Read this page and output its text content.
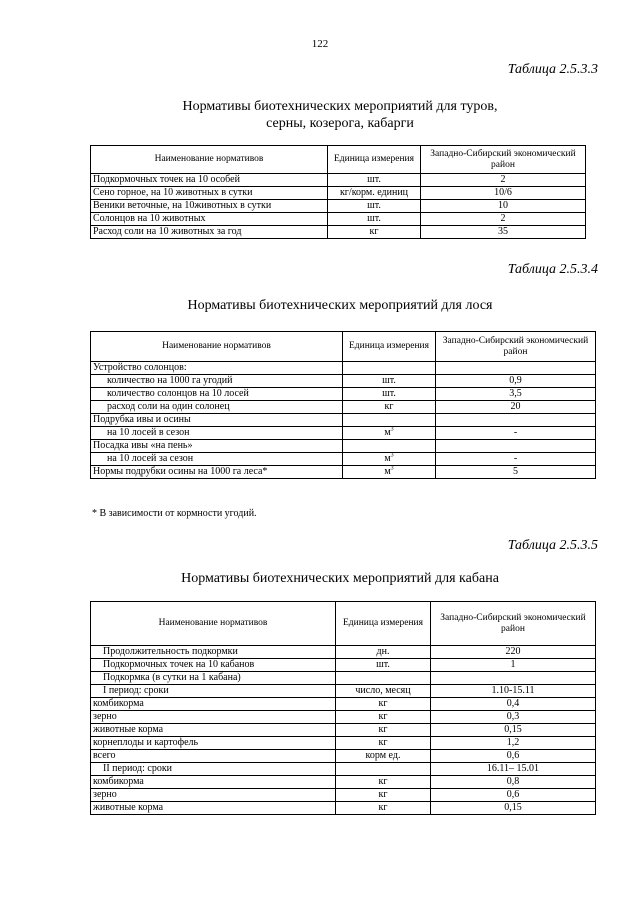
122
Таблица 2.5.3.3
Нормативы биотехнических мероприятий для туров,
серны, козерога, кабарги
Наименование нормативов	Единица измерения	Западно-Сибирский экономический район
Подкормочных точек на 10 особей	шт.	2
Сено горное, на 10 животных в сутки	кг/корм. единиц	10/6
Веники веточные, на 10животных в сутки	шт.	10
Солонцов на 10 животных	шт.	2
Расход соли на 10 животных за год	кг	35
Таблица 2.5.3.4
Нормативы биотехнических мероприятий для лося
Наименование нормативов	Единица измерения	Западно-Сибирский экономический район
Устройство солонцов:		
количество на 1000 га угодий	шт.	0,9
количество солонцов на 10 лосей	шт.	3,5
расход соли на один солонец	кг	20
Подрубка ивы и осины		
на 10 лосей в сезон	$м^3$	-
Посадка ивы «на пень»		
на 10 лосей за сезон	$м^3$	-
Нормы подрубки осины на 1000 га леса*	$м^3$	5
* В зависимости от кормности угодий.
Таблица 2.5.3.5
Нормативы биотехнических мероприятий для кабана
Наименование нормативов	Единица измерения	Западно-Сибирский экономический район
Продолжительность подкормки	дн.	220
Подкормочных точек на 10 кабанов	шт.	1
Подкормка (в сутки на 1 кабана)		
I период: сроки	число, месяц	1.10-15.11
комбикорма	кг	0,4
зерно	кг	0,3
животные корма	кг	0,15
корнеплоды и картофель	кг	1,2
всего	корм ед.	0,6
II период: сроки		16.11– 15.01
комбикорма	кг	0,8
зерно	кг	0,6
животные корма	кг	0,15
